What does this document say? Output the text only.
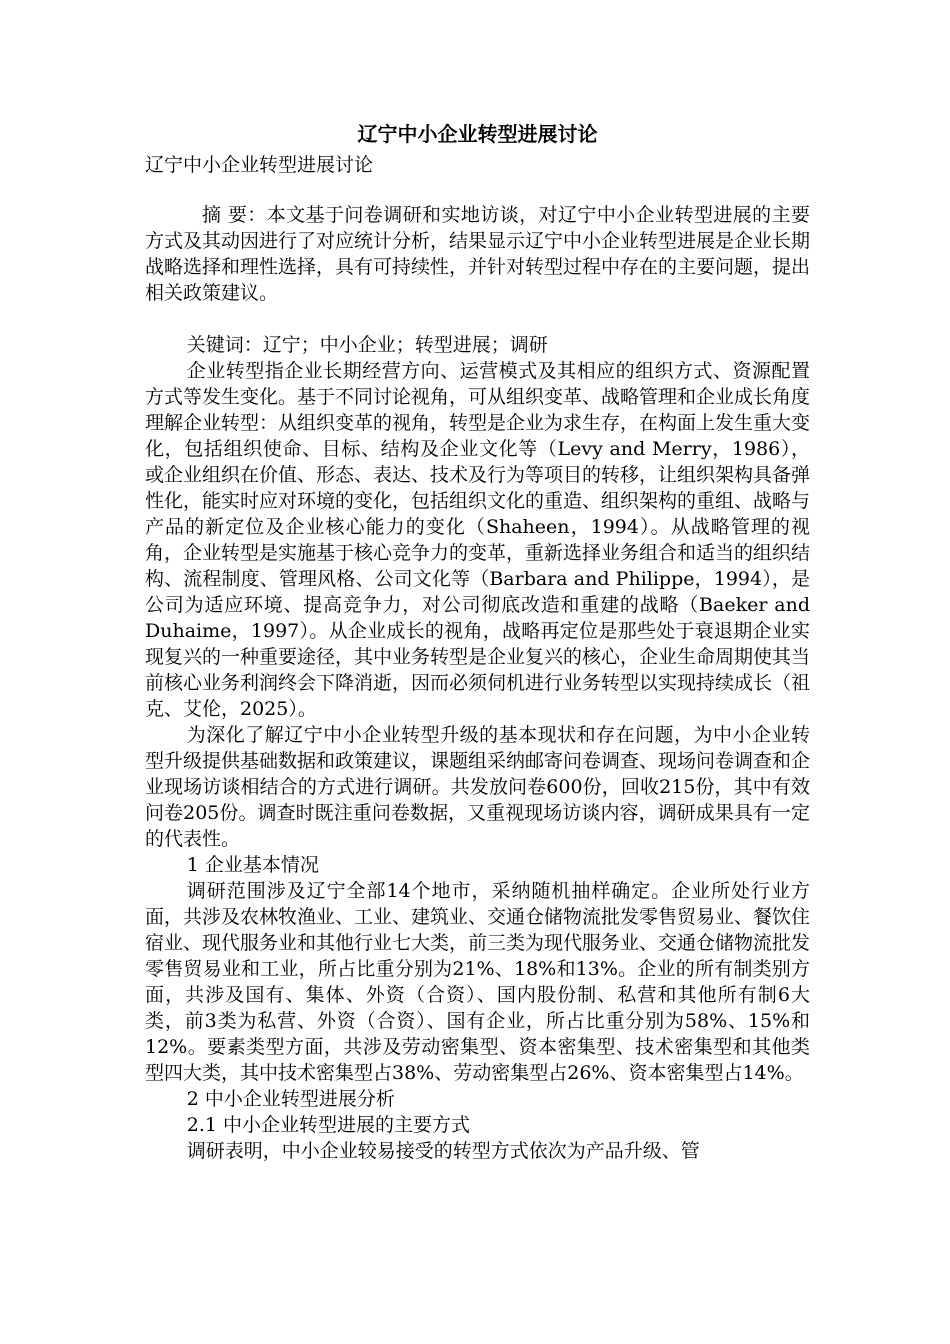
辽宁中小企业转型进展讨论

辽宁中小企业转型进展讨论

摘 要：本文基于问卷调研和实地访谈，对辽宁中小企业转型进展的主要方式及其动因进行了对应统计分析，结果显示辽宁中小企业转型进展是企业长期战略选择和理性选择，具有可持续性，并针对转型过程中存在的主要问题，提出相关政策建议。

关键词：辽宁；中小企业；转型进展；调研

企业转型指企业长期经营方向、运营模式及其相应的组织方式、资源配置方式等发生变化。基于不同讨论视角，可从组织变革、战略管理和企业成长角度理解企业转型：从组织变革的视角，转型是企业为求生存，在构面上发生重大变化，包括组织使命、目标、结构及企业文化等（Levy and Merry，1986），或企业组织在价值、形态、表达、技术及行为等项目的转移，让组织架构具备弹性化，能实时应对环境的变化，包括组织文化的重造、组织架构的重组、战略与产品的新定位及企业核心能力的变化（Shaheen，1994）。从战略管理的视角，企业转型是实施基于核心竞争力的变革，重新选择业务组合和适当的组织结构、流程制度、管理风格、公司文化等（Barbara and Philippe，1994），是公司为适应环境、提高竞争力，对公司彻底改造和重建的战略（Baeker and Duhaime，1997）。从企业成长的视角，战略再定位是那些处于衰退期企业实现复兴的一种重要途径，其中业务转型是企业复兴的核心，企业生命周期使其当前核心业务利润终会下降消逝，因而必须伺机进行业务转型以实现持续成长（祖克、艾伦，2025）。

为深化了解辽宁中小企业转型升级的基本现状和存在问题，为中小企业转型升级提供基础数据和政策建议，课题组采纳邮寄问卷调查、现场问卷调查和企业现场访谈相结合的方式进行调研。共发放问卷600份，回收215份，其中有效问卷205份。调查时既注重问卷数据，又重视现场访谈内容，调研成果具有一定的代表性。

1 企业基本情况

调研范围涉及辽宁全部14个地市，采纳随机抽样确定。企业所处行业方面，共涉及农林牧渔业、工业、建筑业、交通仓储物流批发零售贸易业、餐饮住宿业、现代服务业和其他行业七大类，前三类为现代服务业、交通仓储物流批发零售贸易业和工业，所占比重分别为21%、18%和13%。企业的所有制类别方面，共涉及国有、集体、外资（合资）、国内股份制、私营和其他所有制6大类，前3类为私营、外资（合资）、国有企业，所占比重分别为58%、15%和12%。要素类型方面，共涉及劳动密集型、资本密集型、技术密集型和其他类型四大类，其中技术密集型占38%、劳动密集型占26%、资本密集型占14%。

2 中小企业转型进展分析

2.1 中小企业转型进展的主要方式

调研表明，中小企业较易接受的转型方式依次为产品升级、管
